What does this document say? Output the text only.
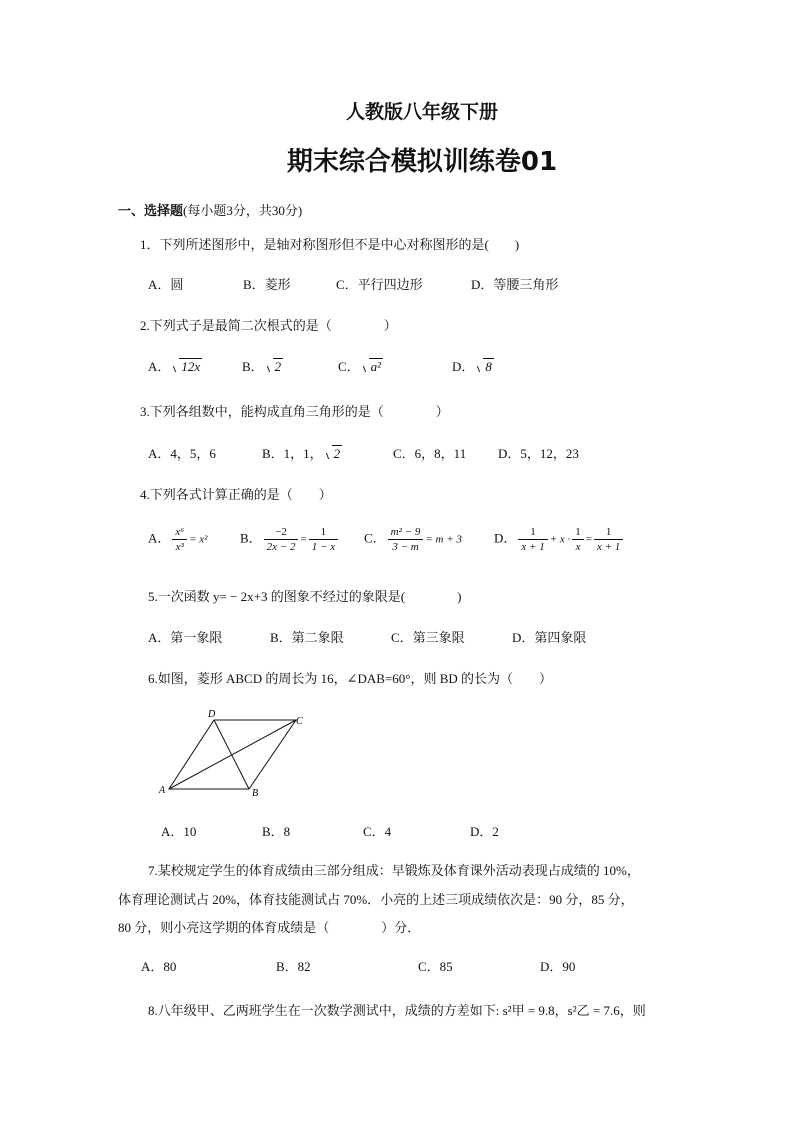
人教版八年级下册
期末综合模拟训练卷01
一、选择题(每小题3分，共30分)
1．下列所述图形中，是轴对称图形但不是中心对称图形的是(　　)
A．圆	B．菱形	C．平行四边形	D．等腰三角形
2.下列式子是最简二次根式的是（　　　　）
A． 12x	B． 2	C． a²	D． 8
3.下列各组数中，能构成直角三角形的是（　　　　）
A．4，5，6	B．1，1， 2	C．6，8，11 D．5，12，23
4.下列各式计算正确的是（　　）
A． $\frac{\text{x⁶}}{\text{x³}} = x^2$	B． $\frac{-2}{2x - 2} = \frac{1}{1 - x}$ C． $\frac{\text{m² − 9}}{3 - m} = m + 3$ D． $\frac{1}{x + 1} + x \cdot \frac{1}{x} = \frac{1}{x + 1}$
5.一次函数 y= − 2x+3 的图象不经过的象限是(　　　　)
A．第一象限	B．第二象限	C．第三象限	D．第四象限
6.如图，菱形 ABCD 的周长为 16，∠DAB=60°，则 BD 的长为（　　）
A	B
C
D
A．10	B．8	C．4	D．2
7.某校规定学生的体育成绩由三部分组成：早锻炼及体育课外活动表现占成绩的 10%，
体育理论测试占 20%，体育技能测试占 70%．小亮的上述三项成绩依次是：90 分，85 分，
80 分，则小亮这学期的体育成绩是（　　　　）分．
A．80	B．82	C．85	D．90
8.八年级甲、乙两班学生在一次数学测试中，成绩的方差如下: s²甲 = 9.8，s²乙 = 7.6，则
